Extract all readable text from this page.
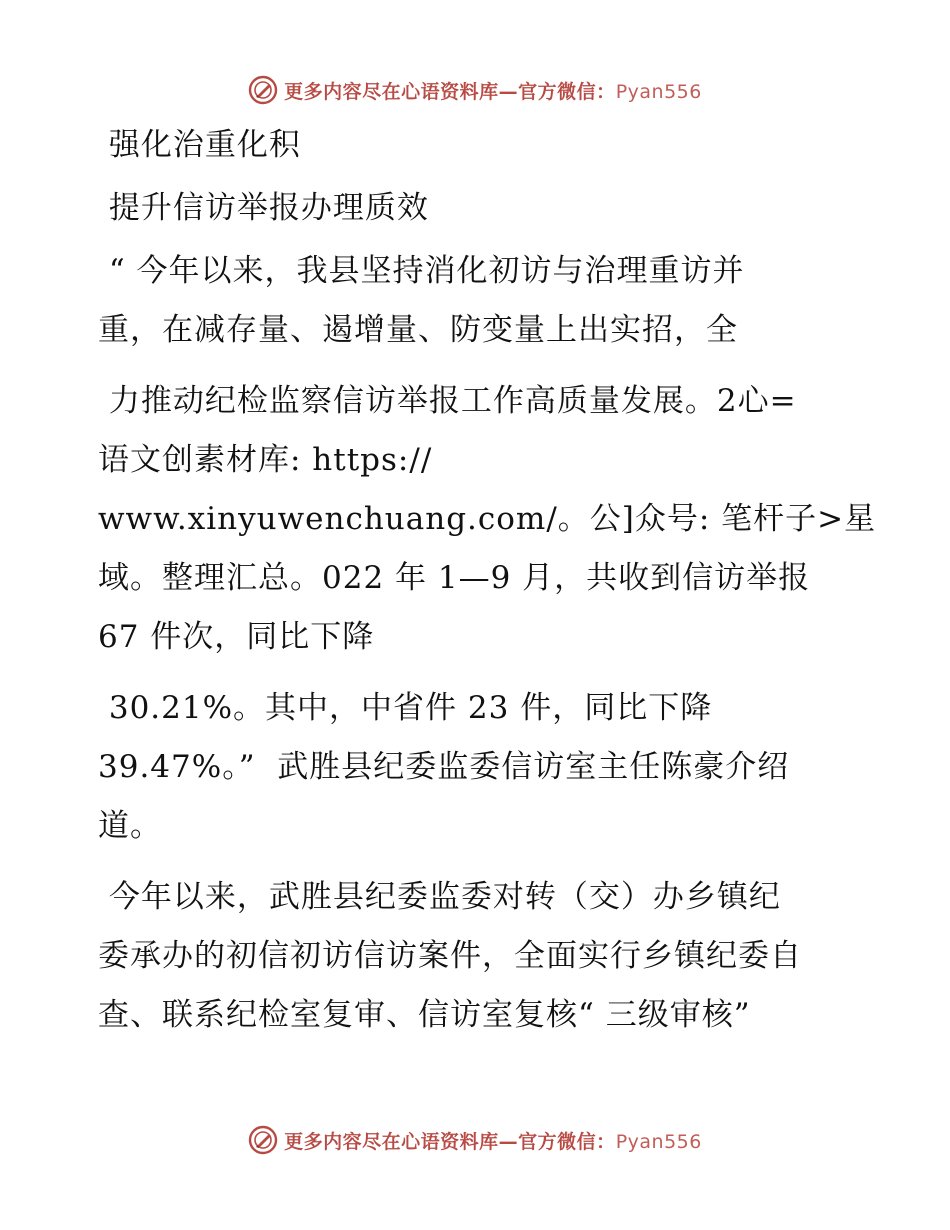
更多内容尽在心语资料库—官方微信：Pyan556

强化治重化积

提升信访举报办理质效

“ 今年以来，我县坚持消化初访与治理重访并

重，在减存量、遏增量、防变量上出实招，全

力推动纪检监察信访举报工作高质量发展。2心=

语文创素材库: https://

www.xinyuwenchuang.com/。公]众号: 笔杆子>星

域。整理汇总。022 年 1—9 月，共收到信访举报

67 件次，同比下降

30.21%。其中，中省件 23 件，同比下降

39.47%。”  武胜县纪委监委信访室主任陈豪介绍

道。

今年以来，武胜县纪委监委对转（交）办乡镇纪

委承办的初信初访信访案件，全面实行乡镇纪委自

查、联系纪检室复审、信访室复核“ 三级审核”

更多内容尽在心语资料库—官方微信：Pyan556
